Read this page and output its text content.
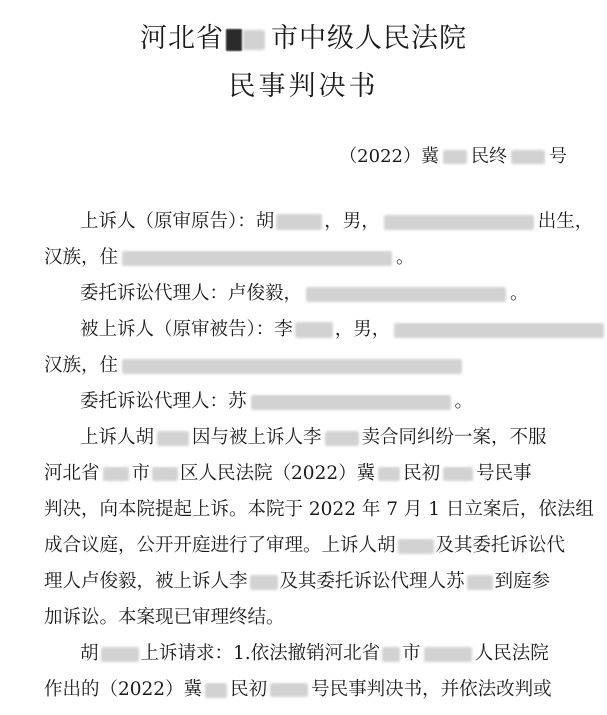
河北省 市中级人民法院
民事判决书
（2022）冀 民终 号
上诉人（原审原告）：胡	，男，	出生，
汉族，住	。
委托诉讼代理人：卢俊毅，	。
被上诉人（原审被告）：李 ，男，
汉族，住
委托诉讼代理人：苏	。
上诉人胡 因与被上诉人李 卖合同纠纷一案，不服
河北省 市 区人民法院（2022）冀 民初 号民事
判决，向本院提起上诉。本院于 2022 年 7 月 1 日立案后，依法组
成合议庭，公开开庭进行了审理。上诉人胡 及其委托诉讼代
理人卢俊毅，被上诉人李 及其委托诉讼代理人苏 到庭参
加诉讼。本案现已审理终结。
胡 上诉请求：1.依法撤销河北省 市	人民法院
作出的（2022）冀 民初 号民事判决书，并依法改判或
